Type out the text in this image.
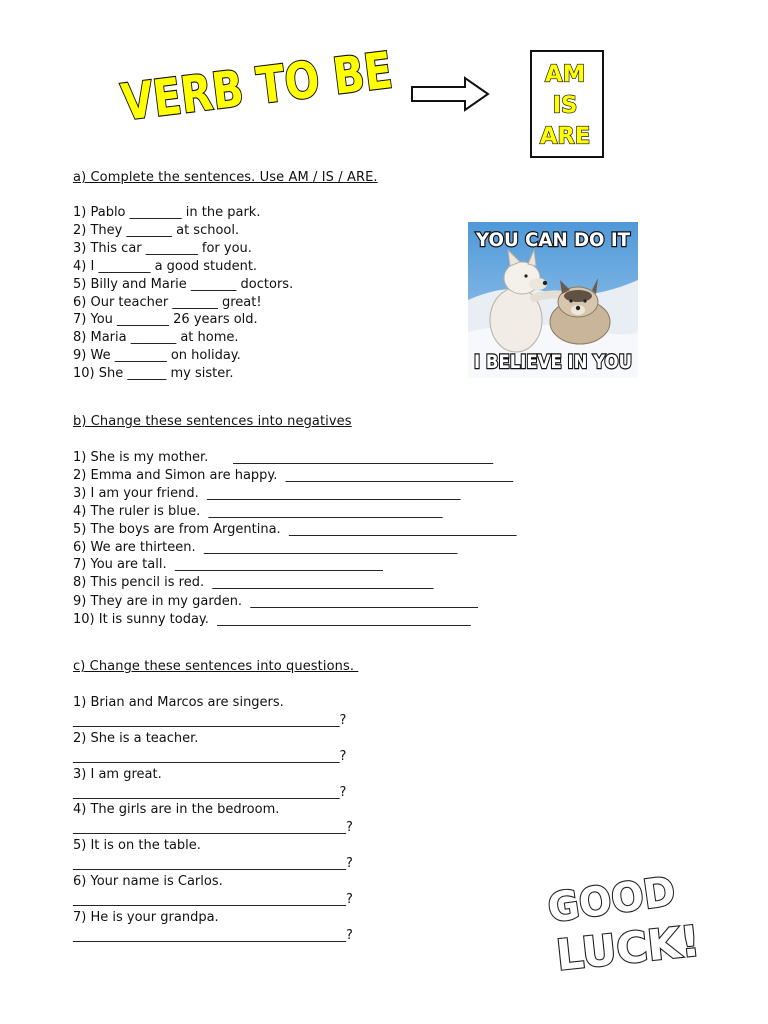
VERB TO BE	AM
IS
ARE
a) Complete the sentences. Use AM / IS / ARE.
1) Pablo ________ in the park.
2) They _______ at school.
3) This car ________ for you.
4) I ________ a good student.
5) Billy and Marie _______ doctors.
6) Our teacher _______ great!
7) You ________ 26 years old.
8) Maria _______ at home.
9) We ________ on holiday.
10) She ______ my sister.
YOU CAN DO IT
I BELIEVE IN YOU
b) Change these sentences into negatives
1) She is my mother.      ________________________________________
2) Emma and Simon are happy.  ___________________________________
3) I am your friend.  _______________________________________
4) The ruler is blue.  ____________________________________
5) The boys are from Argentina.  ___________________________________
6) We are thirteen.  _______________________________________
7) You are tall.  ________________________________
8) This pencil is red.  __________________________________
9) They are in my garden.  ___________________________________
10) It is sunny today.  _______________________________________
c) Change these sentences into questions.
1) Brian and Marcos are singers.
_________________________________________?
2) She is a teacher.
_________________________________________?
3) I am great.
_________________________________________?
4) The girls are in the bedroom.
__________________________________________?
5) It is on the table.
__________________________________________?
6) Your name is Carlos.
__________________________________________?
7) He is your grandpa.
__________________________________________?
GOOD
LUCK!
